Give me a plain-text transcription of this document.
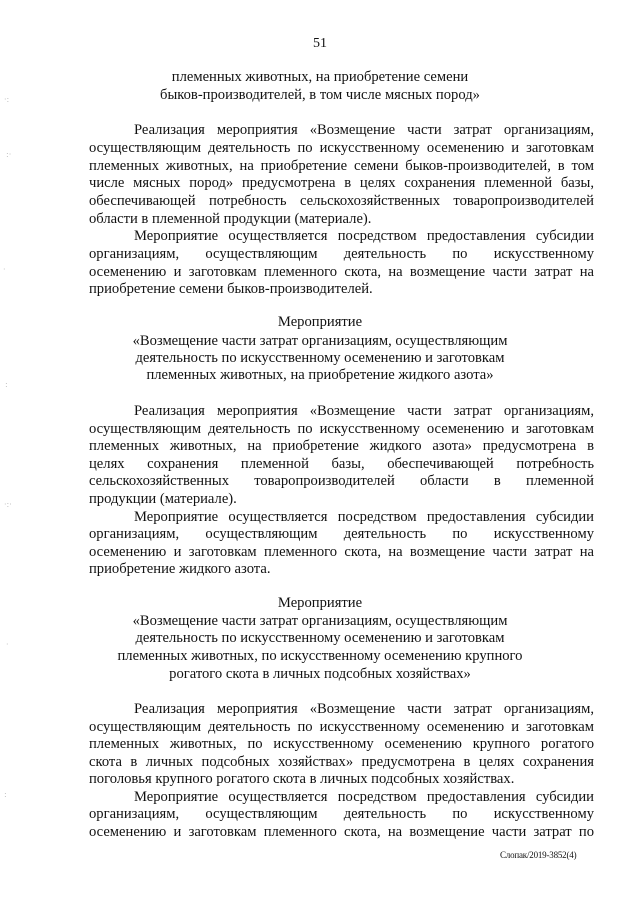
51
племенных животных, на приобретение семени
быков-производителей, в том числе мясных пород»
Реализация мероприятия «Возмещение части затрат организациям,
осуществляющим деятельность по искусственному осеменению и заготовкам
племенных животных, на приобретение семени быков-производителей, в том
числе мясных пород» предусмотрена в целях сохранения племенной базы,
обеспечивающей потребность сельскохозяйственных товаропроизводителей
области в племенной продукции (материале).
Мероприятие осуществляется посредством предоставления субсидии
организациям, осуществляющим деятельность по искусственному
осеменению и заготовкам племенного скота, на возмещение части затрат на
приобретение семени быков-производителей.
Мероприятие
«Возмещение части затрат организациям, осуществляющим
деятельность по искусственному осеменению и заготовкам
племенных животных, на приобретение жидкого азота»
Реализация мероприятия «Возмещение части затрат организациям,
осуществляющим деятельность по искусственному осеменению и заготовкам
племенных животных, на приобретение жидкого азота» предусмотрена в
целях сохранения племенной базы, обеспечивающей потребность
сельскохозяйственных товаропроизводителей области в племенной
продукции (материале).
Мероприятие осуществляется посредством предоставления субсидии
организациям, осуществляющим деятельность по искусственному
осеменению и заготовкам племенного скота, на возмещение части затрат на
приобретение жидкого азота.
Мероприятие
«Возмещение части затрат организациям, осуществляющим
деятельность по искусственному осеменению и заготовкам
племенных животных, по искусственному осеменению крупного
рогатого скота в личных подсобных хозяйствах»
Реализация мероприятия «Возмещение части затрат организациям,
осуществляющим деятельность по искусственному осеменению и заготовкам
племенных животных, по искусственному осеменению крупного рогатого
скота в личных подсобных хозяйствах» предусмотрена в целях сохранения
поголовья крупного рогатого скота в личных подсобных хозяйствах.
Мероприятие осуществляется посредством предоставления субсидии
организациям, осуществляющим деятельность по искусственному
осеменению и заготовкам племенного скота, на возмещение части затрат по
Слопак/2019-3852(4)
·:
:·
·
:
·:·
·
:
